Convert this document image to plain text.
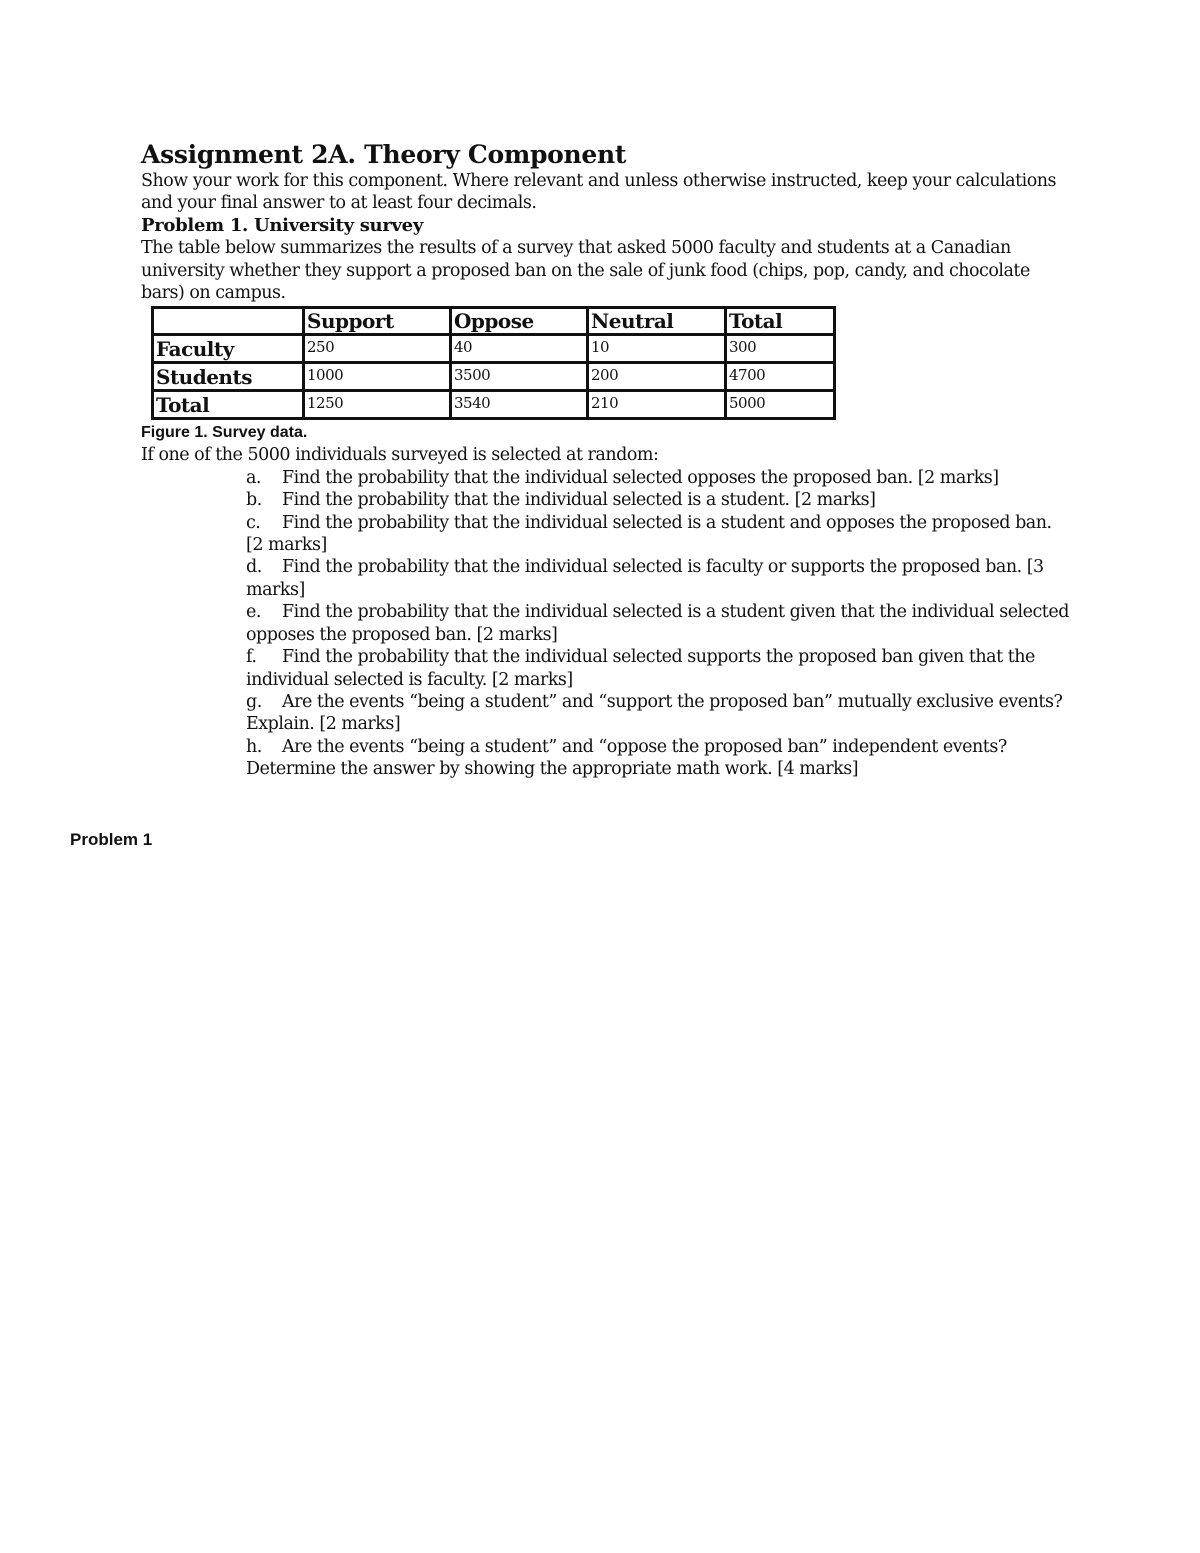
Assignment 2A. Theory Component

Show your work for this component. Where relevant and unless otherwise instructed, keep your calculations and your final answer to at least four decimals.

Problem 1. University survey

The table below summarizes the results of a survey that asked 5000 faculty and students at a Canadian university whether they support a proposed ban on the sale of junk food (chips, pop, candy, and chocolate bars) on campus.

	Support	Oppose	Neutral	Total
Faculty	250	40	10	300
Students	1000	3500	200	4700
Total	1250	3540	210	5000

Figure 1. Survey data.

If one of the 5000 individuals surveyed is selected at random:

a. Find the probability that the individual selected opposes the proposed ban. [2 marks]
b. Find the probability that the individual selected is a student. [2 marks]
c. Find the probability that the individual selected is a student and opposes the proposed ban. [2 marks]
d. Find the probability that the individual selected is faculty or supports the proposed ban. [3 marks]
e. Find the probability that the individual selected is a student given that the individual selected opposes the proposed ban. [2 marks]
f. Find the probability that the individual selected supports the proposed ban given that the individual selected is faculty. [2 marks]
g. Are the events “being a student” and “support the proposed ban” mutually exclusive events? Explain. [2 marks]
h. Are the events “being a student” and “oppose the proposed ban” independent events? Determine the answer by showing the appropriate math work. [4 marks]

Problem 1
